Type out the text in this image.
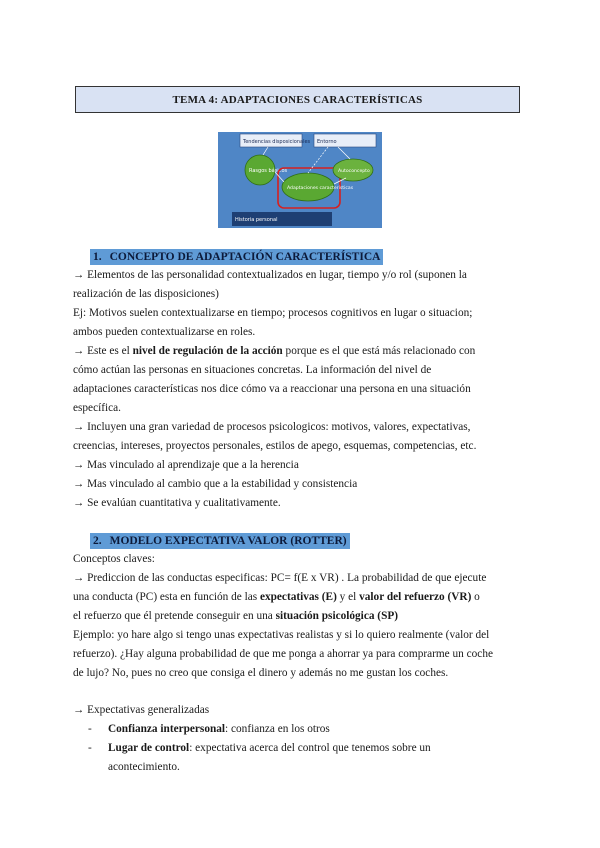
TEMA 4: ADAPTACIONES CARACTERÍSTICAS
Tendencias disposicionales Entorno
Rasgos básicos
Adaptaciones características
Autoconcepto
Historia personal
1. CONCEPTO DE ADAPTACIÓN CARACTERÍSTICA
→ Elementos de las personalidad contextualizados en lugar, tiempo y/o rol (suponen la
realización de las disposiciones)
Ej: Motivos suelen contextualizarse en tiempo; procesos cognitivos en lugar o situacion;
ambos pueden contextualizarse en roles.
→ Este es el nivel de regulación de la acción porque es el que está más relacionado con
cómo actúan las personas en situaciones concretas. La información del nivel de
adaptaciones características nos dice cómo va a reaccionar una persona en una situación
específica.
→ Incluyen una gran variedad de procesos psicologicos: motivos, valores, expectativas,
creencias, intereses, proyectos personales, estilos de apego, esquemas, competencias, etc.
→ Mas vinculado al aprendizaje que a la herencia
→ Mas vinculado al cambio que a la estabilidad y consistencia
→ Se evalúan cuantitativa y cualitativamente.
2. MODELO EXPECTATIVA VALOR (ROTTER)
Conceptos claves:
→ Prediccion de las conductas especificas: PC= f(E x VR) . La probabilidad de que ejecute
una conducta (PC) esta en función de las expectativas (E) y el valor del refuerzo (VR) o
el refuerzo que él pretende conseguir en una situación psicológica (SP)
Ejemplo: yo hare algo si tengo unas expectativas realistas y si lo quiero realmente (valor del
refuerzo). ¿Hay alguna probabilidad de que me ponga a ahorrar ya para comprarme un coche
de lujo? No, pues no creo que consiga el dinero y además no me gustan los coches.
→ Expectativas generalizadas
- Confianza interpersonal: confianza en los otros
- Lugar de control: expectativa acerca del control que tenemos sobre un
acontecimiento.
